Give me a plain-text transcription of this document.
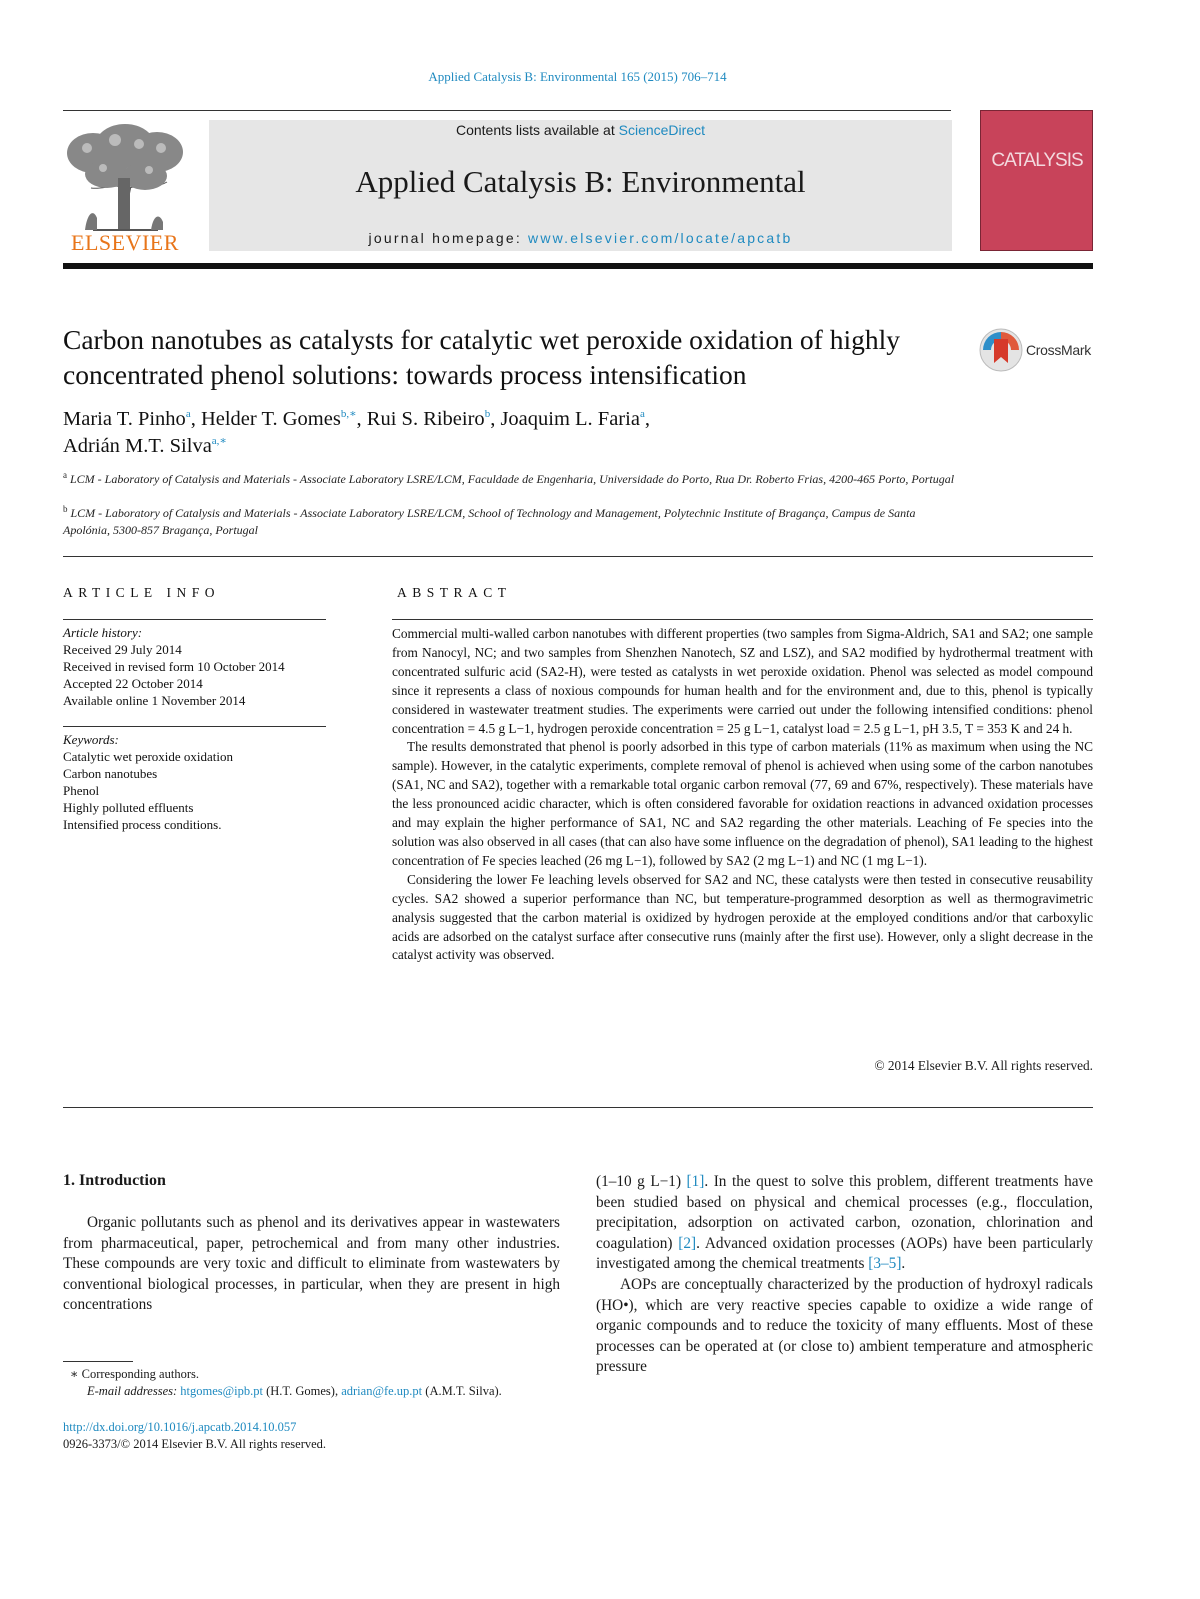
Applied Catalysis B: Environmental 165 (2015) 706–714
ELSEVIER
Contents lists available at ScienceDirect
Applied Catalysis B: Environmental
journal homepage: www.elsevier.com/locate/apcatb
CATALYSIS
Carbon nanotubes as catalysts for catalytic wet peroxide oxidation of highly concentrated phenol solutions: towards process intensification
CrossMark
Maria T. Pinho$^a$, Helder T. Gomes$^{b,∗}$, Rui S. Ribeiro$^b$, Joaquim L. Faria$^a$,
Adrián M.T. Silva$^{a,∗}$
$^a$ LCM - Laboratory of Catalysis and Materials - Associate Laboratory LSRE/LCM, Faculdade de Engenharia, Universidade do Porto, Rua Dr. Roberto Frias, 4200-465 Porto, Portugal
$^b$ LCM - Laboratory of Catalysis and Materials - Associate Laboratory LSRE/LCM, School of Technology and Management, Polytechnic Institute of Bragança, Campus de Santa Apolónia, 5300-857 Bragança, Portugal
ARTICLE INFO
Article history:
Received 29 July 2014
Received in revised form 10 October 2014
Accepted 22 October 2014
Available online 1 November 2014
Keywords:
Catalytic wet peroxide oxidation
Carbon nanotubes
Phenol
Highly polluted effluents
Intensified process conditions.
ABSTRACT

Commercial multi-walled carbon nanotubes with different properties (two samples from Sigma-Aldrich, SA1 and SA2; one sample from Nanocyl, NC; and two samples from Shenzhen Nanotech, SZ and LSZ), and SA2 modified by hydrothermal treatment with concentrated sulfuric acid (SA2-H), were tested as catalysts in wet peroxide oxidation. Phenol was selected as model compound since it represents a class of noxious compounds for human health and for the environment and, due to this, phenol is typically considered in wastewater treatment studies. The experiments were carried out under the following intensified conditions: phenol concentration = 4.5 g L−1, hydrogen peroxide concentration = 25 g L−1, catalyst load = 2.5 g L−1, pH 3.5, T = 353 K and 24 h.

The results demonstrated that phenol is poorly adsorbed in this type of carbon materials (11% as maximum when using the NC sample). However, in the catalytic experiments, complete removal of phenol is achieved when using some of the carbon nanotubes (SA1, NC and SA2), together with a remarkable total organic carbon removal (77, 69 and 67%, respectively). These materials have the less pronounced acidic character, which is often considered favorable for oxidation reactions in advanced oxidation processes and may explain the higher performance of SA1, NC and SA2 regarding the other materials. Leaching of Fe species into the solution was also observed in all cases (that can also have some influence on the degradation of phenol), SA1 leading to the highest concentration of Fe species leached (26 mg L−1), followed by SA2 (2 mg L−1) and NC (1 mg L−1).

Considering the lower Fe leaching levels observed for SA2 and NC, these catalysts were then tested in consecutive reusability cycles. SA2 showed a superior performance than NC, but temperature-programmed desorption as well as thermogravimetric analysis suggested that the carbon material is oxidized by hydrogen peroxide at the employed conditions and/or that carboxylic acids are adsorbed on the catalyst surface after consecutive runs (mainly after the first use). However, only a slight decrease in the catalyst activity was observed.

© 2014 Elsevier B.V. All rights reserved.
1. Introduction

Organic pollutants such as phenol and its derivatives appear in wastewaters from pharmaceutical, paper, petrochemical and from many other industries. These compounds are very toxic and difficult to eliminate from wastewaters by conventional biological processes, in particular, when they are present in high concentrations

(1–10 g L−1) [1]. In the quest to solve this problem, different treatments have been studied based on physical and chemical processes (e.g., flocculation, precipitation, adsorption on activated carbon, ozonation, chlorination and coagulation) [2]. Advanced oxidation processes (AOPs) have been particularly investigated among the chemical treatments [3–5].

AOPs are conceptually characterized by the production of hydroxyl radicals (HO•), which are very reactive species capable to oxidize a wide range of organic compounds and to reduce the toxicity of many effluents. Most of these processes can be operated at (or close to) ambient temperature and atmospheric pressure

∗ Corresponding authors.
E-mail addresses: htgomes@ipb.pt (H.T. Gomes), adrian@fe.up.pt (A.M.T. Silva).
http://dx.doi.org/10.1016/j.apcatb.2014.10.057
0926-3373/© 2014 Elsevier B.V. All rights reserved.
